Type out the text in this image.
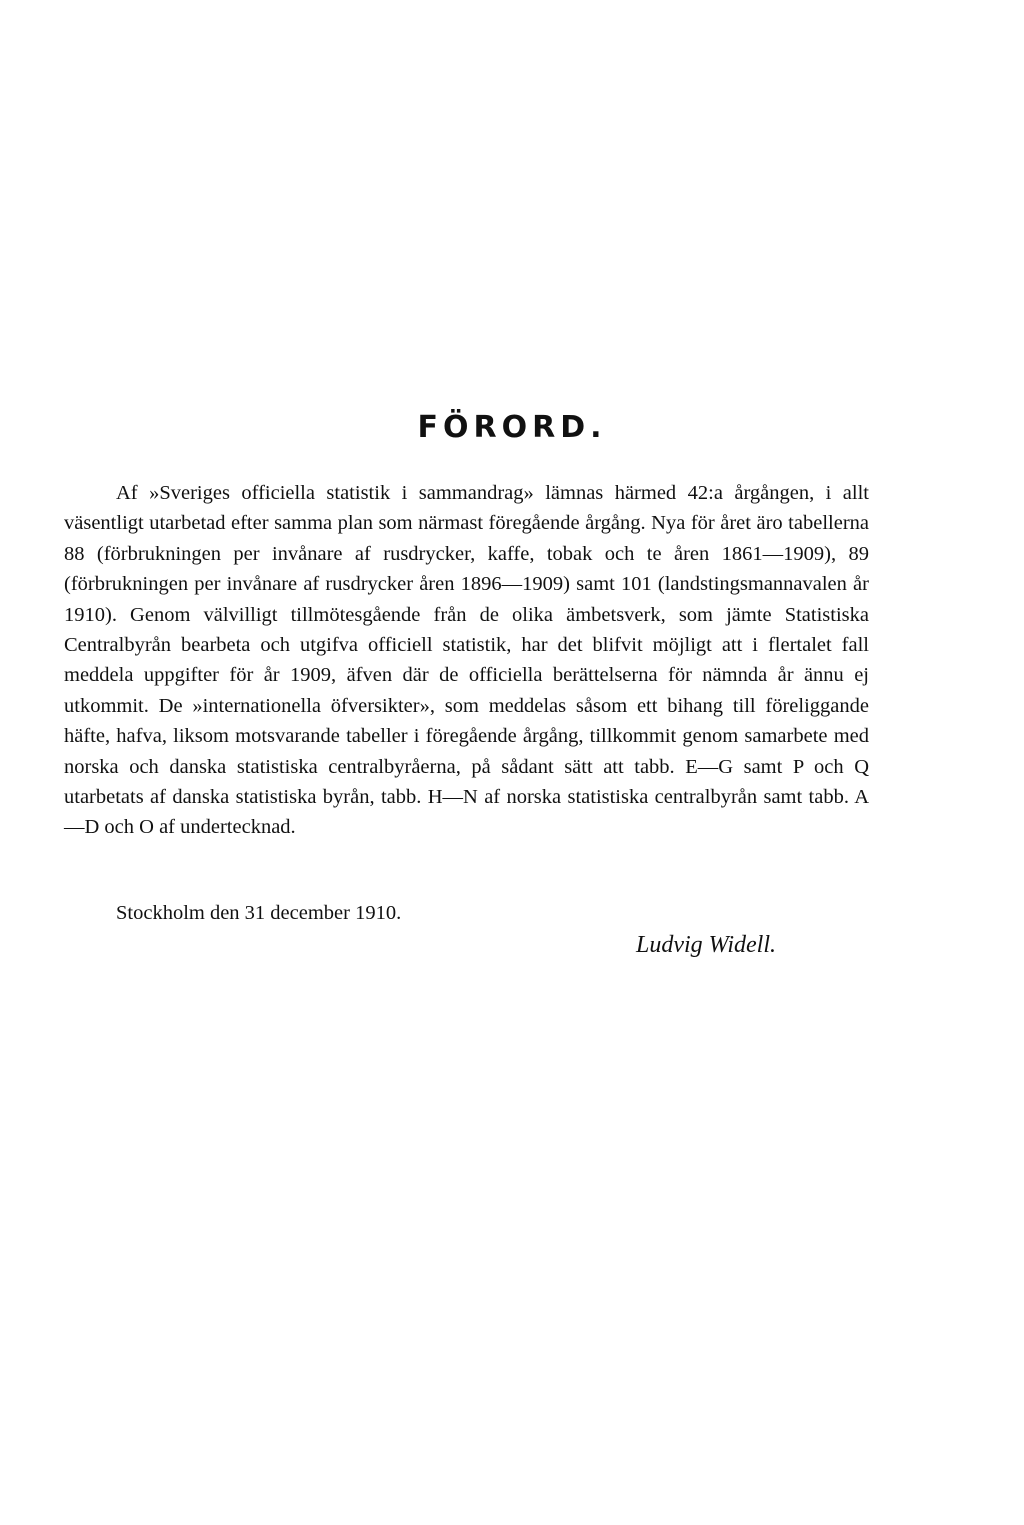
FÖRORD.

Af »Sveriges officiella statistik i sammandrag» lämnas härmed 42:a årgången, i allt väsentligt utarbetad efter samma plan som närmast föregående årgång. Nya för året äro tabellerna 88 (förbrukningen per invånare af rusdrycker, kaffe, tobak och te åren 1861—1909), 89 (förbrukningen per invånare af rusdrycker åren 1896—1909) samt 101 (landstingsmannavalen år 1910). Genom välvilligt tillmötesgående från de olika ämbetsverk, som jämte Statistiska Centralbyrån bearbeta och utgifva officiell statistik, har det blifvit möjligt att i flertalet fall meddela uppgifter för år 1909, äfven där de officiella berättelserna för nämnda år ännu ej utkommit. De »internationella öfversikter», som meddelas såsom ett bihang till föreliggande häfte, hafva, liksom motsvarande tabeller i föregående årgång, tillkommit genom samarbete med norska och danska statistiska centralbyråerna, på sådant sätt att tabb. E—G samt P och Q utarbetats af danska statistiska byrån, tabb. H—N af norska statistiska centralbyrån samt tabb. A—D och O af undertecknad.

Stockholm den 31 december 1910.

Ludvig Widell.
